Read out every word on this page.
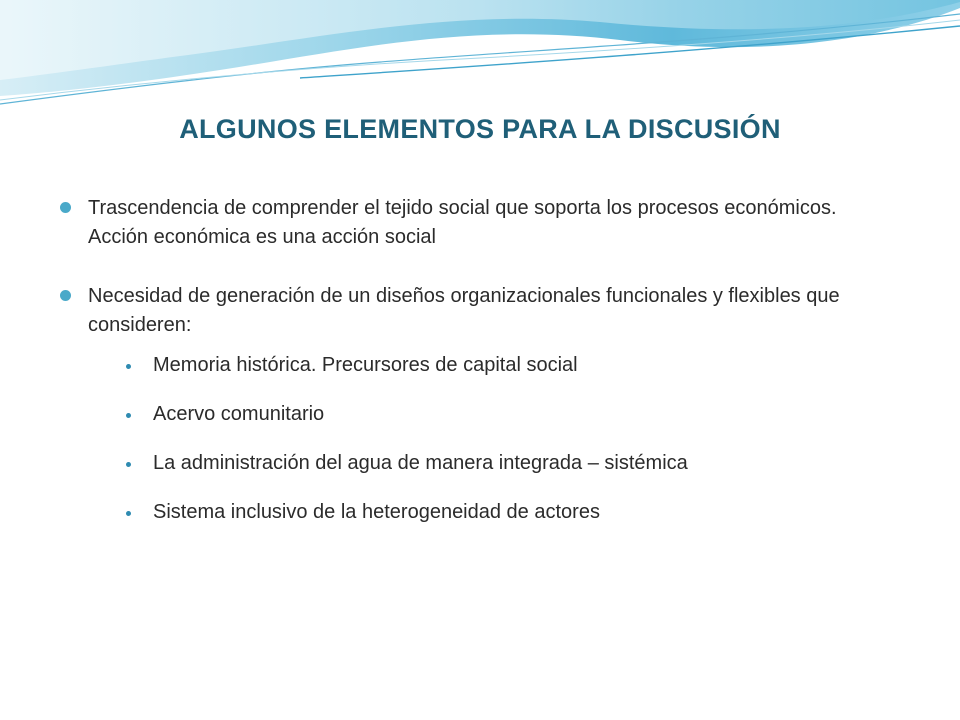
ALGUNOS ELEMENTOS PARA LA DISCUSIÓN
Trascendencia de comprender el tejido social que soporta los procesos económicos. Acción económica es una acción social
Necesidad de generación de un diseños organizacionales funcionales y flexibles que consideren:
Memoria histórica. Precursores de capital social
Acervo comunitario
La administración del agua de manera integrada – sistémica
Sistema inclusivo de la heterogeneidad de actores
